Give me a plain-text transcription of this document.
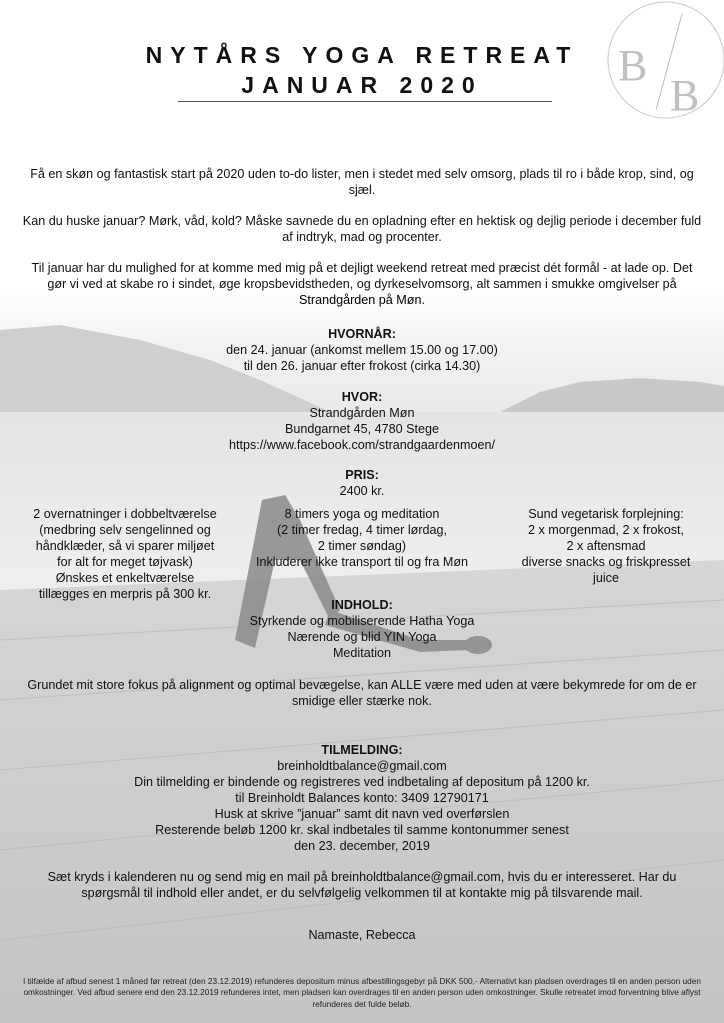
B
B
NYTÅRS YOGA RETREAT
JANUAR 2020
Få en skøn og fantastisk start på 2020 uden to-do lister, men i stedet med selv omsorg, plads til ro i både krop, sind, og sjæl.
Kan du huske januar? Mørk, våd, kold? Måske savnede du en opladning efter en hektisk og dejlig periode i december fuld af indtryk, mad og procenter.
Til januar har du mulighed for at komme med mig på et dejligt weekend retreat med præcist dét formål - at lade op. Det gør vi ved at skabe ro i sindet, øge kropsbevidstheden, og dyrkeselvomsorg, alt sammen i smukke omgivelser på Strandgården på Møn.
HVORNÅR:
den 24. januar (ankomst mellem 15.00 og 17.00)
til den 26. januar efter frokost (cirka 14.30)
HVOR:
Strandgården Møn
Bundgarnet 45, 4780 Stege
https://www.facebook.com/strandgaardenmoen/
PRIS:
2400 kr.
2 overnatninger i dobbeltværelse
(medbring selv sengelinned og
håndklæder, så vi sparer miljøet
for alt for meget tøjvask)
Ønskes et enkeltværelse
tillægges en merpris på 300 kr.
8 timers yoga og meditation
(2 timer fredag, 4 timer lørdag,
2 timer søndag)
Inkluderer ikke transport til og fra Møn
Sund vegetarisk forplejning:
2 x morgenmad, 2 x frokost,
2 x aftensmad
diverse snacks og friskpresset
juice
INDHOLD:
Styrkende og mobiliserende Hatha Yoga
Nærende og blid YIN Yoga
Meditation
Grundet mit store fokus på alignment og optimal bevægelse, kan ALLE være med uden at være bekymrede for om de er smidige eller stærke nok.
TILMELDING:
breinholdtbalance@gmail.com
Din tilmelding er bindende og registreres ved indbetaling af depositum på 1200 kr.
til Breinholdt Balances konto: 3409 12790171
Husk at skrive ”januar” samt dit navn ved overførslen
Resterende beløb 1200 kr. skal indbetales til samme kontonummer senest
den 23. december, 2019
Sæt kryds i kalenderen nu og send mig en mail på breinholdtbalance@gmail.com, hvis du er interesseret. Har du spørgsmål til indhold eller andet, er du selvfølgelig velkommen til at kontakte mig på tilsvarende mail.
Namaste, Rebecca
I tilfælde af afbud senest 1 måned før retreat (den 23.12.2019) refunderes depositum minus afbestillingsgebyr på DKK 500,- Alternativt kan pladsen overdrages til en anden person uden omkostninger. Ved afbud senere end den 23.12.2019 refunderes intet, men pladsen kan overdrages til en anden person uden omkostninger. Skulle retreatet imod forventning blive aflyst refunderes det fulde beløb.
